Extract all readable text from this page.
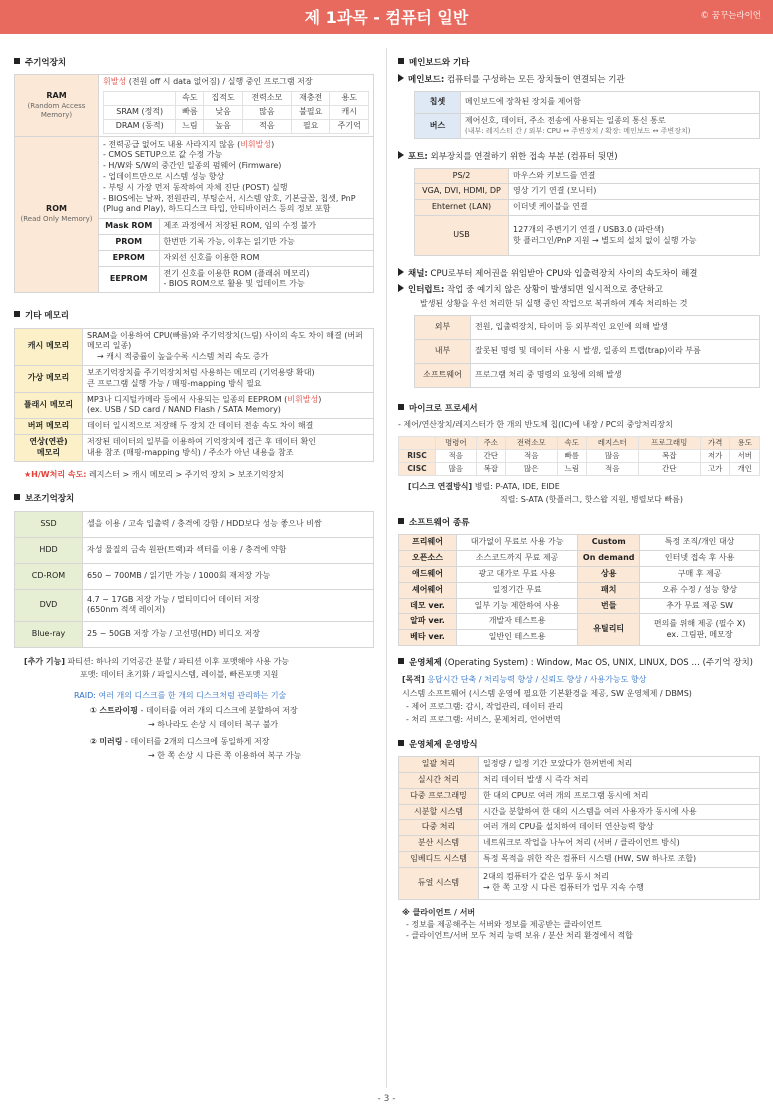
제 1과목 - 컴퓨터 일반	© 꿈꾸는라이언
주기억장치
RAM
(Random Access Memory)

휘발성 (전원 off 시 data 없어짐) / 실행 중인 프로그램 저장
	속도	집적도	전력소모	재충전	용도
SRAM (정적)	빠름	낮음	많음	불필요	캐시
DRAM (동적)	느림	높음	적음	필요	주기억

ROM
(Read Only Memory)

- 전력공급 없어도 내용 사라지지 않음 (비휘발성)
- CMOS SETUP으로 값 수정 가능
- H/W와 S/W의 중간인 일종의 펌웨어 (Firmware)
- 업데이트만으로 시스템 성능 향상
- 부팅 시 가장 먼저 동작하여 자체 진단 (POST) 실행
- BIOS에는 날짜, 전원관리, 부팅순서, 시스템 암호, 기본글꼴, 칩셋, PnP (Plug and Play), 하드디스크 타입, 안티바이러스 등의 정보 포함
Mask ROM	제조 과정에서 저장된 ROM, 임의 수정 불가
PROM	한번만 기록 가능, 이후는 읽기만 가능
EPROM	자외선 신호를 이용한 ROM
EEPROM	전기 신호를 이용한 ROM (플래쉬 메모리)
- BIOS ROM으로 활용 및 업데이트 가능
기타 메모리
캐시 메모리	SRAM을 이용하여 CPU(빠름)와 주기억장치(느림) 사이의 속도 차이 해결 (버퍼 메모리 일종)
→ 캐시 적중률이 높을수록 시스템 처리 속도 증가

가상 메모리	보조기억장치를 주기억장치처럼 사용하는 메모리 (기억용량 확대)
큰 프로그램 실행 가능 / 매핑-mapping 방식 필요
플래시 메모리	MP3나 디지털카메라 등에서 사용되는 일종의 EEPROM (비휘발성)
(ex. USB / SD card / NAND Flash / SATA Memory)

버퍼 메모리	데이터 일시적으로 저장해 두 장치 간 데이터 전송 속도 차이 해결
연상(연관)
메모리	저장된 데이터의 일부를 이용하여 기억장치에 접근 후 데이터 확인
내용 참조 (매핑-mapping 방식) / 주소가 아닌 내용을 참조
★H/W처리 속도: 레지스터 > 캐시 메모리 > 주기억 장치 > 보조기억장치
보조기억장치
SSD	셀을 이용 / 고속 입출력 / 충격에 강함 / HDD보다 성능 좋으나 비쌈
HDD	자성 물질의 금속 원판(트랙)과 섹터를 이용 / 충격에 약함
CD-ROM	650 ~ 700MB / 읽기만 가능 / 1000회 재저장 가능
DVD	4.7 ~ 17GB 저장 가능 / 멀티미디어 데이터 저장
(650nm 적색 레이저)
Blue-ray	25 ~ 50GB 저장 가능 / 고선명(HD) 비디오 저장
[추가 기능] 파티션: 하나의 기억공간 분할 / 파티션 이후 포맷해야 사용 가능
포맷: 데이터 초기화 / 파일시스템, 레이블, 빠른포맷 지원
RAID: 여러 개의 디스크를 한 개의 디스크처럼 관리하는 기술
① 스트라이핑 - 데이터를 여러 개의 디스크에 분할하여 저장
→ 하나라도 손상 시 데이터 복구 불가
② 미러링 - 데이터를 2개의 디스크에 동일하게 저장
→ 한 쪽 손상 시 다른 쪽 이용하여 복구 가능
메인보드와 기타
메인보드: 컴퓨터를 구성하는 모든 장치들이 연결되는 기관
칩셋	메인보드에 장착된 장치를 제어함
버스	제어신호, 데이터, 주소 전송에 사용되는 일종의 통신 통로
(내부: 레지스터 간 / 외부: CPU ↔ 주변장치 / 확장: 메인보드 ↔ 주변장치)
포트: 외부장치를 연결하기 위한 접속 부분 (컴퓨터 뒷면)
PS/2	마우스와 키보드를 연결
VGA, DVI, HDMI, DP	영상 기기 연결 (모니터)
Ehternet (LAN)	이더넷 케이블을 연결
USB	127개의 주변기기 연결 / USB3.0 (파란색)
핫 플러그인/PnP 지원 → 별도의 설치 없이 실행 가능
채널: CPU로부터 제어권을 위임받아 CPU와 입출력장치 사이의 속도차이 해결
인터럽트: 작업 중 예기치 않은 상황이 발생되면 일시적으로 중단하고
발생된 상황을 우선 처리한 뒤 실행 중인 작업으로 복귀하여 계속 처리하는 것
외부	전원, 입출력장치, 타이머 등 외부적인 요인에 의해 발생
내부	잘못된 명령 및 데이터 사용 시 발생, 일종의 트랩(trap)이라 부름
소프트웨어	프로그램 처리 중 명령의 요청에 의해 발생
마이크로 프로세서
- 제어/연산장치/레지스터가 한 개의 반도체 칩(IC)에 내장 / PC의 중앙처리장치
	명령어	주소	전력소모	속도	레지스터	프로그래밍	가격	용도
RISC	적음	간단	적음	빠름	많음	복잡	저가	서버
CISC	많음	복잡	많은	느림	적음	간단	고가	개인
[디스크 연결방식] 병렬: P-ATA, IDE, EIDE
직렬: S-ATA (핫플러그, 핫스왑 지원, 병렬보다 빠름)
소프트웨어 종류
프리웨어	대가없이 무료로 사용 가능	Custom	특정 조직/개인 대상
오픈소스	소스코드까지 무료 제공	On demand	인터넷 접속 후 사용
애드웨어	광고 대가로 무료 사용	상용	구매 후 제공
셰어웨어	일정기간 무료	패치	오류 수정 / 성능 향상
데모 ver.	일부 기능 제한하여 사용	번들	추가 무료 제공 SW
알파 ver.	개발자 테스트용	유틸리티	편의를 위해 제공 (필수 X)
ex. 그림판, 메모장
베타 ver.	일반인 테스트용		
운영체제 (Operating System) : Window, Mac OS, UNIX, LINUX, DOS … (주기억 장치)
[목적] 응답시간 단축 / 처리능력 향상 / 신뢰도 향상 / 사용가능도 향상
시스템 소프트웨어 (시스템 운영에 필요한 기본환경을 제공, SW 운영체제 / DBMS)
- 제어 프로그램: 감시, 작업관리, 데이터 관리
- 처리 프로그램: 서비스, 문제처리, 언어번역
운영체제 운영방식
일괄 처리	일정량 / 일정 기간 모았다가 한꺼번에 처리
실시간 처리	처리 데이터 발생 시 즉각 처리
다중 프로그래밍	한 대의 CPU로 여러 개의 프로그램 동시에 처리
시분할 시스템	시간을 분할하여 한 대의 시스템을 여러 사용자가 동시에 사용
다중 처리	여러 개의 CPU를 설치하여 데이터 연산능력 향상
분산 시스템	네트워크로 작업을 나누어 처리 (서버 / 클라이언트 방식)
임베디드 시스템	특정 목적을 위한 작은 컴퓨터 시스템 (HW, SW 하나로 조합)
듀얼 시스템	2대의 컴퓨터가 같은 업무 동시 처리
→ 한 쪽 고장 시 다른 컴퓨터가 업무 지속 수행
※ 클라이언트 / 서버
- 정보를 제공해주는 서버와 정보를 제공받는 클라이언트
- 클라이언트/서버 모두 처리 능력 보유 / 분산 처리 환경에서 적합
- 3 -
